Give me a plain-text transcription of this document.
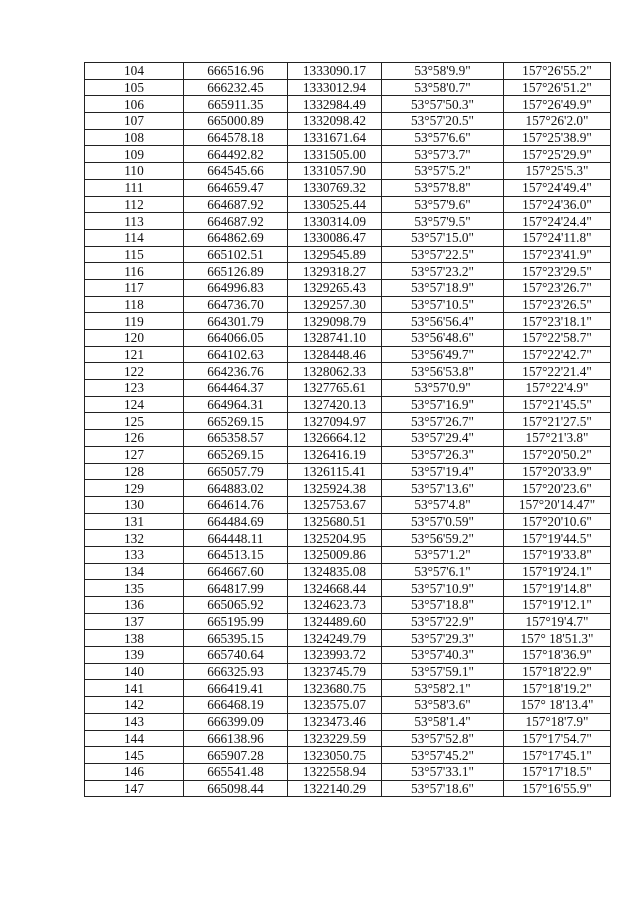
104	666516.96	1333090.17	53°58'9.9"	157°26'55.2"
105	666232.45	1333012.94	53°58'0.7"	157°26'51.2"
106	665911.35	1332984.49	53°57'50.3"	157°26'49.9"
107	665000.89	1332098.42	53°57'20.5"	157°26'2.0"
108	664578.18	1331671.64	53°57'6.6"	157°25'38.9"
109	664492.82	1331505.00	53°57'3.7"	157°25'29.9"
110	664545.66	1331057.90	53°57'5.2"	157°25'5.3"
111	664659.47	1330769.32	53°57'8.8"	157°24'49.4"
112	664687.92	1330525.44	53°57'9.6"	157°24'36.0"
113	664687.92	1330314.09	53°57'9.5"	157°24'24.4"
114	664862.69	1330086.47	53°57'15.0"	157°24'11.8"
115	665102.51	1329545.89	53°57'22.5"	157°23'41.9"
116	665126.89	1329318.27	53°57'23.2"	157°23'29.5"
117	664996.83	1329265.43	53°57'18.9"	157°23'26.7"
118	664736.70	1329257.30	53°57'10.5"	157°23'26.5"
119	664301.79	1329098.79	53°56'56.4"	157°23'18.1"
120	664066.05	1328741.10	53°56'48.6"	157°22'58.7"
121	664102.63	1328448.46	53°56'49.7"	157°22'42.7"
122	664236.76	1328062.33	53°56'53.8"	157°22'21.4"
123	664464.37	1327765.61	53°57'0.9"	157°22'4.9"
124	664964.31	1327420.13	53°57'16.9"	157°21'45.5"
125	665269.15	1327094.97	53°57'26.7"	157°21'27.5"
126	665358.57	1326664.12	53°57'29.4"	157°21'3.8"
127	665269.15	1326416.19	53°57'26.3"	157°20'50.2"
128	665057.79	1326115.41	53°57'19.4"	157°20'33.9"
129	664883.02	1325924.38	53°57'13.6"	157°20'23.6"
130	664614.76	1325753.67	53°57'4.8"	157°20'14.47"
131	664484.69	1325680.51	53°57'0.59"	157°20'10.6"
132	664448.11	1325204.95	53°56'59.2"	157°19'44.5"
133	664513.15	1325009.86	53°57'1.2"	157°19'33.8"
134	664667.60	1324835.08	53°57'6.1"	157°19'24.1"
135	664817.99	1324668.44	53°57'10.9"	157°19'14.8"
136	665065.92	1324623.73	53°57'18.8"	157°19'12.1"
137	665195.99	1324489.60	53°57'22.9"	157°19'4.7"
138	665395.15	1324249.79	53°57'29.3"	157° 18'51.3"
139	665740.64	1323993.72	53°57'40.3"	157°18'36.9"
140	666325.93	1323745.79	53°57'59.1"	157°18'22.9"
141	666419.41	1323680.75	53°58'2.1"	157°18'19.2"
142	666468.19	1323575.07	53°58'3.6"	157° 18'13.4"
143	666399.09	1323473.46	53°58'1.4"	157°18'7.9"
144	666138.96	1323229.59	53°57'52.8"	157°17'54.7"
145	665907.28	1323050.75	53°57'45.2"	157°17'45.1"
146	665541.48	1322558.94	53°57'33.1"	157°17'18.5"
147	665098.44	1322140.29	53°57'18.6"	157°16'55.9"
